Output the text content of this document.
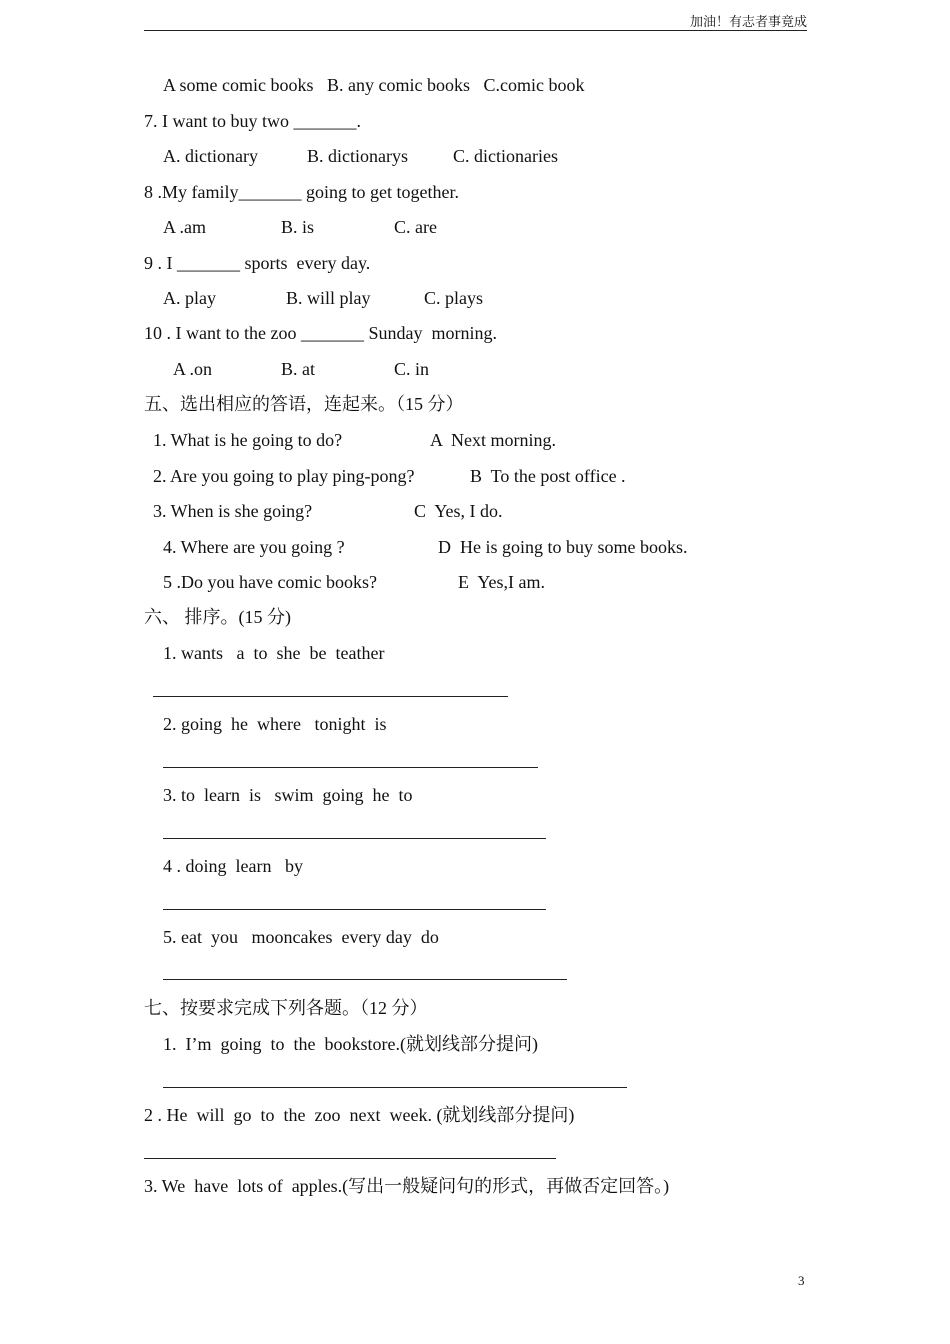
加油！有志者事竟成
A some comic books   B. any comic books   C.comic book
7. I want to buy two _______.
A. dictionary	B. dictionarys	C. dictionaries
8 .My family_______ going to get together.
A .am	B. is	C. are
9 . I _______ sports  every day.
A. play	B. will play	C. plays
10 . I want to the zoo _______ Sunday  morning.
A .on	B. at	C. in
五、选出相应的答语，连起来。（15 分）
1. What is he going to do?	A  Next morning.
2. Are you going to play ping-pong?	B  To the post office .
3. When is she going?	C  Yes, I do.
4. Where are you going ?	D  He is going to buy some books.
5 .Do you have comic books?	E  Yes,I am.
六、 排序。(15 分)
1. wants   a  to  she  be  teather
2. going  he  where   tonight  is
3. to  learn  is   swim  going  he  to
4 . doing  learn   by
5. eat  you   mooncakes  every day  do
七、按要求完成下列各题。（12 分）
1.  I’m  going  to  the  bookstore.(就划线部分提问)
2 . He  will  go  to  the  zoo  next  week. (就划线部分提问)
3. We  have  lots of  apples.(写出一般疑问句的形式，再做否定回答。)
3
